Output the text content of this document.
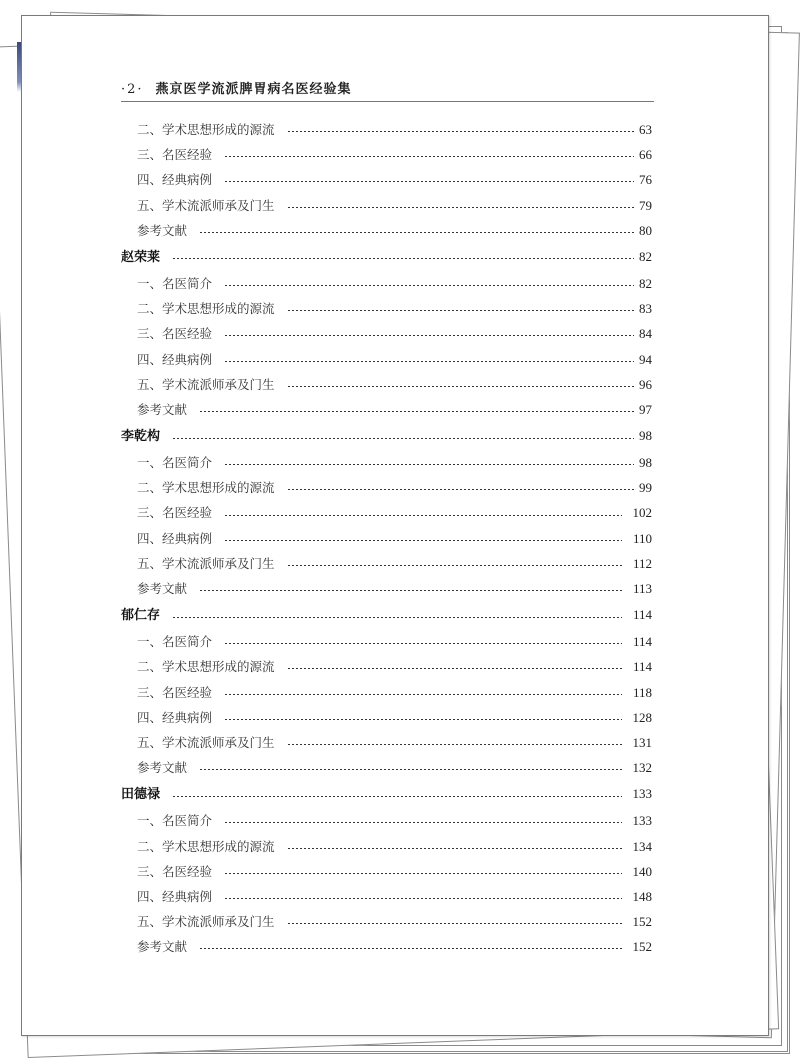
·2· 燕京医学流派脾胃病名医经验集
二、学术思想形成的源流	63
三、名医经验	66
四、经典病例	76
五、学术流派师承及门生	79
参考文献	80
赵荣莱	82
一、名医简介	82
二、学术思想形成的源流	83
三、名医经验	84
四、经典病例	94
五、学术流派师承及门生	96
参考文献	97
李乾构	98
一、名医简介	98
二、学术思想形成的源流	99
三、名医经验	102
四、经典病例	110
五、学术流派师承及门生	112
参考文献	113
郁仁存	114
一、名医简介	114
二、学术思想形成的源流	114
三、名医经验	118
四、经典病例	128
五、学术流派师承及门生	131
参考文献	132
田德禄	133
一、名医简介	133
二、学术思想形成的源流	134
三、名医经验	140
四、经典病例	148
五、学术流派师承及门生	152
参考文献	152
